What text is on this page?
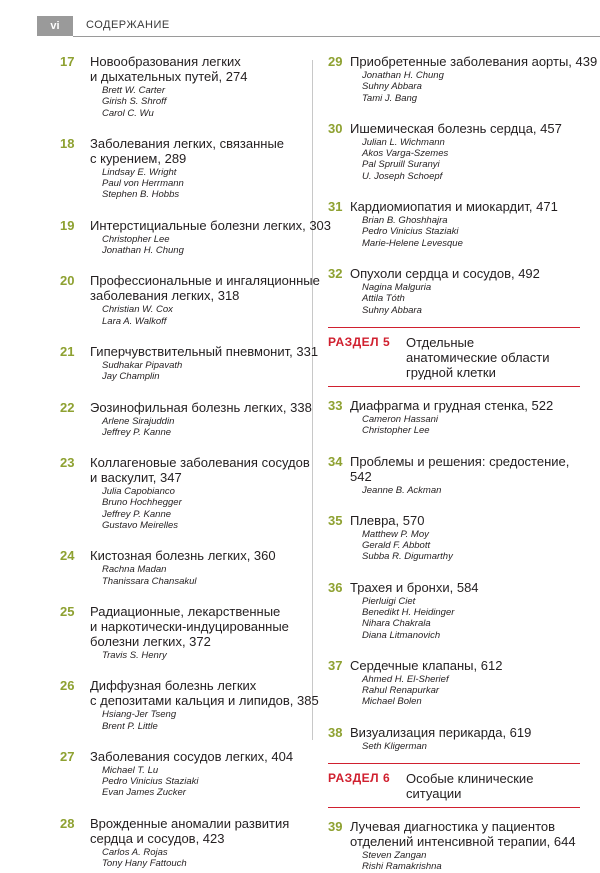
vi	СОДЕРЖАНИЕ
17	Новообразования легких
и дыхательных путей, 274
Brett W. Carter
Girish S. Shroff
Carol C. Wu
18	Заболевания легких, связанные
с курением, 289
Lindsay E. Wright
Paul von Herrmann
Stephen B. Hobbs
19	Интерстициальные болезни легких, 303
Christopher Lee
Jonathan H. Chung
20	Профессиональные и ингаляционные
заболевания легких, 318
Christian W. Cox
Lara A. Walkoff
21	Гиперчувствительный пневмонит, 331
Sudhakar Pipavath
Jay Champlin
22	Эозинофильная болезнь легких, 338
Arlene Sirajuddin
Jeffrey P. Kanne
23	Коллагеновые заболевания сосудов
и васкулит, 347
Julia Capobianco
Bruno Hochhegger
Jeffrey P. Kanne
Gustavo Meirelles
24	Кистозная болезнь легких, 360
Rachna Madan
Thanissara Chansakul
25	Радиационные, лекарственные
и наркотически-индуцированные
болезни легких, 372
Travis S. Henry
26	Диффузная болезнь легких
с депозитами кальция и липидов, 385
Hsiang-Jer Tseng
Brent P. Little
27	Заболевания сосудов легких, 404
Michael T. Lu
Pedro Vinicius Staziaki
Evan James Zucker
28	Врожденные аномалии развития
сердца и сосудов, 423
Carlos A. Rojas
Tony Hany Fattouch
29 Приобретенные заболевания аорты, 439
Jonathan H. Chung
Suhny Abbara
Tami J. Bang
30 Ишемическая болезнь сердца, 457
Julian L. Wichmann
Akos Varga-Szemes
Pal Spruill Suranyi
U. Joseph Schoepf
31 Кардиомиопатия и миокардит, 471
Brian B. Ghoshhajra
Pedro Vinicius Staziaki
Marie-Helene Levesque
32 Опухоли сердца и сосудов, 492
Nagina Malguria
Attila Tóth
Suhny Abbara
РАЗДЕЛ 5 Отдельные
анатомические области
грудной клетки
33 Диафрагма и грудная стенка, 522
Cameron Hassani
Christopher Lee
34 Проблемы и решения: средостение,
542
Jeanne B. Ackman
35 Плевра, 570
Matthew P. Moy
Gerald F. Abbott
Subba R. Digumarthy
36 Трахея и бронхи, 584
Pierluigi Ciet
Benedikt H. Heidinger
Nihara Chakrala
Diana Litmanovich
37 Сердечные клапаны, 612
Ahmed H. El-Sherief
Rahul Renapurkar
Michael Bolen
38 Визуализация перикарда, 619
Seth Kligerman
РАЗДЕЛ 6 Особые клинические
ситуации
39 Лучевая диагностика у пациентов
отделений интенсивной терапии, 644
Steven Zangan
Rishi Ramakrishna
